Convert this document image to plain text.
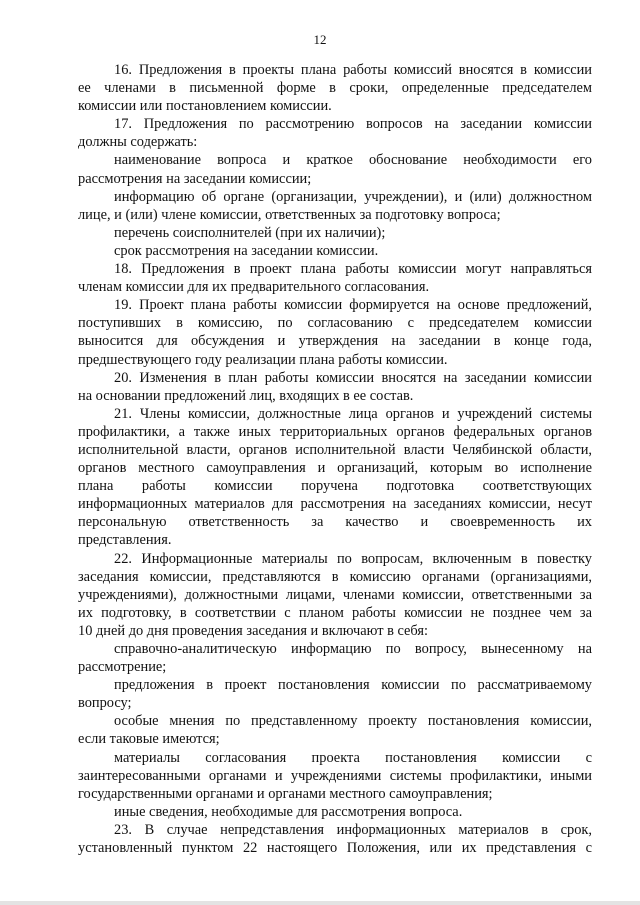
12
16. Предложения в проекты плана работы комиссий вносятся в комиссии
ее членами в письменной форме в сроки, определенные председателем
комиссии или постановлением комиссии.
17. Предложения по рассмотрению вопросов на заседании комиссии
должны содержать:
наименование вопроса и краткое обоснование необходимости его
рассмотрения на заседании комиссии;
информацию об органе (организации, учреждении), и (или) должностном
лице, и (или) члене комиссии, ответственных за подготовку вопроса;
перечень соисполнителей (при их наличии);
срок рассмотрения на заседании комиссии.
18. Предложения в проект плана работы комиссии могут направляться
членам комиссии для их предварительного согласования.
19. Проект плана работы комиссии формируется на основе предложений,
поступивших в комиссию, по согласованию с председателем комиссии
выносится для обсуждения и утверждения на заседании в конце года,
предшествующего году реализации плана работы комиссии.
20. Изменения в план работы комиссии вносятся на заседании комиссии
на основании предложений лиц, входящих в ее состав.
21. Члены комиссии, должностные лица органов и учреждений системы
профилактики, а также иных территориальных органов федеральных органов
исполнительной власти, органов исполнительной власти Челябинской области,
органов местного самоуправления и организаций, которым во исполнение
плана работы комиссии поручена подготовка соответствующих
информационных материалов для рассмотрения на заседаниях комиссии, несут
персональную ответственность за качество и своевременность их
представления.
22. Информационные материалы по вопросам, включенным в повестку
заседания комиссии, представляются в комиссию органами (организациями,
учреждениями), должностными лицами, членами комиссии, ответственными за
их подготовку, в соответствии с планом работы комиссии не позднее чем за
10 дней до дня проведения заседания и включают в себя:
справочно-аналитическую информацию по вопросу, вынесенному на
рассмотрение;
предложения в проект постановления комиссии по рассматриваемому
вопросу;
особые мнения по представленному проекту постановления комиссии,
если таковые имеются;
материалы согласования проекта постановления комиссии с
заинтересованными органами и учреждениями системы профилактики, иными
государственными органами и органами местного самоуправления;
иные сведения, необходимые для рассмотрения вопроса.
23. В случае непредставления информационных материалов в срок,
установленный пунктом 22 настоящего Положения, или их представления с
